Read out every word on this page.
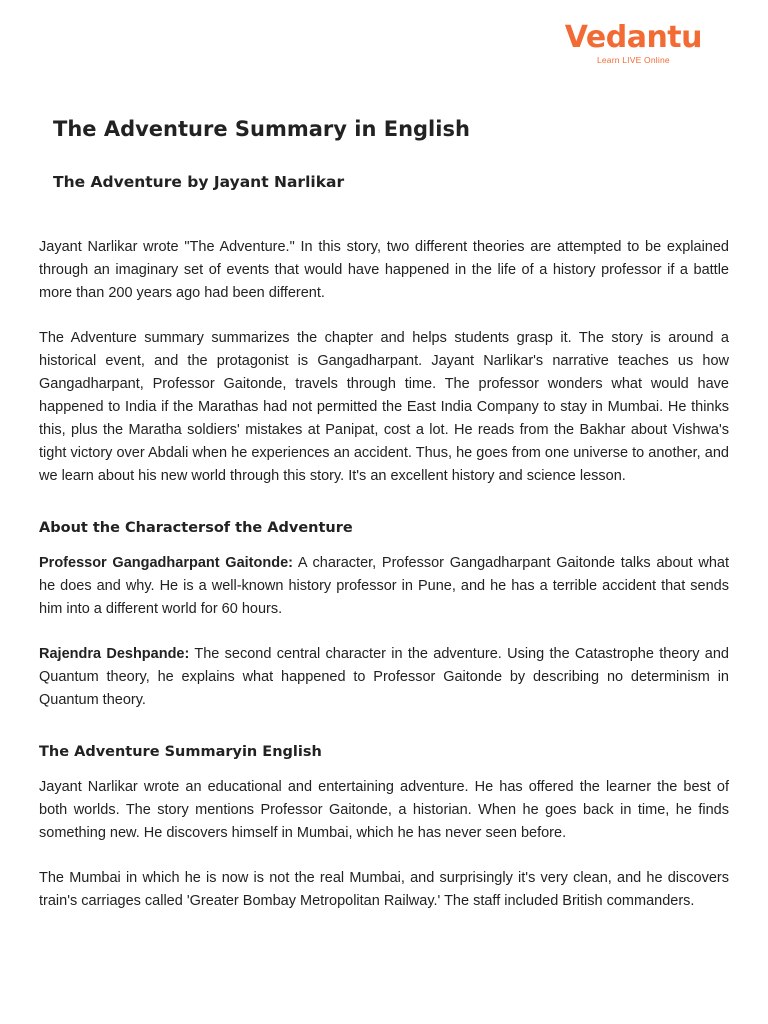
Vedantu
Learn LIVE Online
The Adventure Summary in English
The Adventure by Jayant Narlikar

Jayant Narlikar wrote "The Adventure." In this story, two different theories are attempted to be explained through an imaginary set of events that would have happened in the life of a history professor if a battle more than 200 years ago had been different.

The Adventure summary summarizes the chapter and helps students grasp it. The story is around a historical event, and the protagonist is Gangadharpant. Jayant Narlikar's narrative teaches us how Gangadharpant, Professor Gaitonde, travels through time. The professor wonders what would have happened to India if the Marathas had not permitted the East India Company to stay in Mumbai. He thinks this, plus the Maratha soldiers' mistakes at Panipat, cost a lot. He reads from the Bakhar about Vishwa's tight victory over Abdali when he experiences an accident. Thus, he goes from one universe to another, and we learn about his new world through this story. It's an excellent history and science lesson.

About the Charactersof the Adventure

Professor Gangadharpant Gaitonde: A character, Professor Gangadharpant Gaitonde talks about what he does and why. He is a well-known history professor in Pune, and he has a terrible accident that sends him into a different world for 60 hours.

Rajendra Deshpande: The second central character in the adventure. Using the Catastrophe theory and Quantum theory, he explains what happened to Professor Gaitonde by describing no determinism in Quantum theory.

The Adventure Summaryin English

Jayant Narlikar wrote an educational and entertaining adventure. He has offered the learner the best of both worlds. The story mentions Professor Gaitonde, a historian. When he goes back in time, he finds something new. He discovers himself in Mumbai, which he has never seen before.

The Mumbai in which he is now is not the real Mumbai, and surprisingly it's very clean, and he discovers train's carriages called 'Greater Bombay Metropolitan Railway.' The staff included British commanders.
